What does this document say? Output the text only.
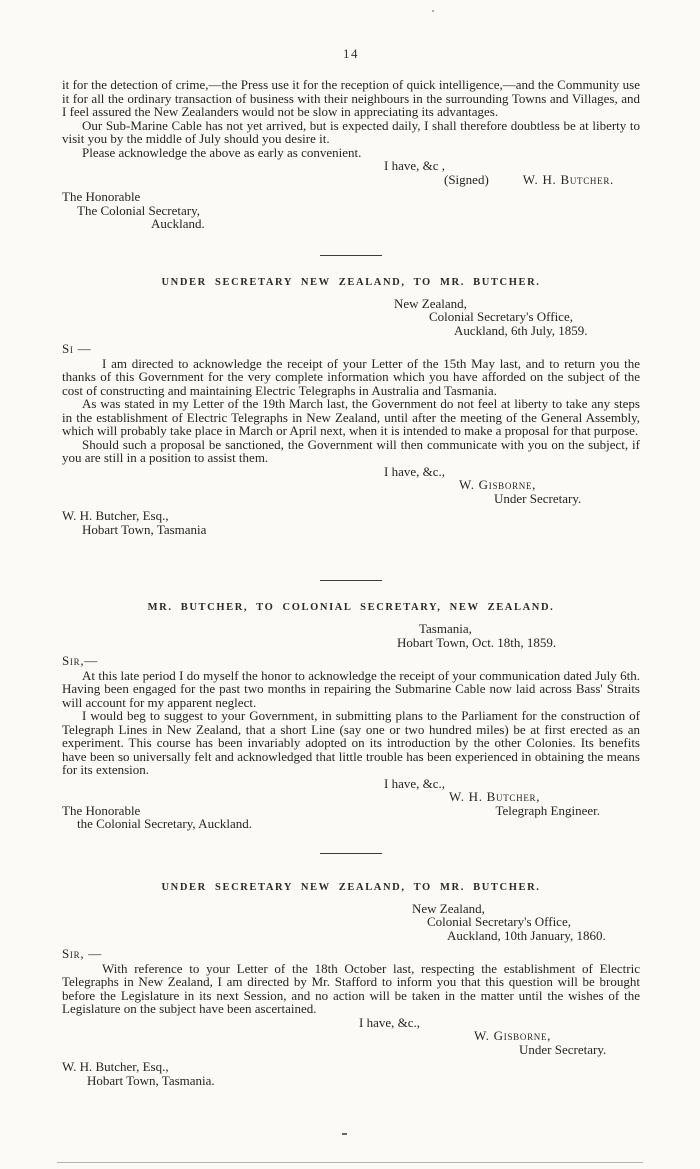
14

it for the detection of crime,—the Press use it for the reception of quick intelligence,—and the Community use it for all the ordinary transaction of business with their neighbours in the surrounding Towns and Villages, and I feel assured the New Zealanders would not be slow in appreciating its advantages.

Our Sub-Marine Cable has not yet arrived, but is expected daily, I shall therefore doubtless be at liberty to visit you by the middle of July should you desire it.

Please acknowledge the above as early as convenient.

I have, &c ,
(Signed)	W. H. Butcher.
The Honorable
The Colonial Secretary,
Auckland.
UNDER SECRETARY NEW ZEALAND, TO MR. BUTCHER.
New Zealand,
Colonial Secretary's Office,
Auckland, 6th July, 1859.
Si —

I am directed to acknowledge the receipt of your Letter of the 15th May last, and to return you the thanks of this Government for the very complete information which you have afforded on the subject of the cost of constructing and maintaining Electric Telegraphs in Australia and Tasmania.

As was stated in my Letter of the 19th March last, the Government do not feel at liberty to take any steps in the establishment of Electric Telegraphs in New Zealand, until after the meeting of the General Assembly, which will probably take place in March or April next, when it is intended to make a proposal for that purpose.

Should such a proposal be sanctioned, the Government will then communicate with you on the subject, if you are still in a position to assist them.

I have, &c.,
W. Gisborne,
Under Secretary.
W. H. Butcher, Esq.,
Hobart Town, Tasmania
MR. BUTCHER, TO COLONIAL SECRETARY, NEW ZEALAND.
Tasmania,
Hobart Town, Oct. 18th, 1859.
Sir,—

At this late period I do myself the honor to acknowledge the receipt of your communication dated July 6th. Having been engaged for the past two months in repairing the Submarine Cable now laid across Bass' Straits will account for my apparent neglect.

I would beg to suggest to your Government, in submitting plans to the Parliament for the construction of Telegraph Lines in New Zealand, that a short Line (say one or two hundred miles) be at first erected as an experiment. This course has been invariably adopted on its introduction by the other Colonies. Its benefits have been so universally felt and acknowledged that little trouble has been experienced in obtaining the means for its extension.

I have, &c.,
W. H. Butcher,
The Honorable	Telegraph Engineer.
the Colonial Secretary, Auckland.
UNDER SECRETARY NEW ZEALAND, TO MR. BUTCHER.
New Zealand,
Colonial Secretary's Office,
Auckland, 10th January, 1860.
Sir, —

With reference to your Letter of the 18th October last, respecting the establishment of Electric Telegraphs in New Zealand, I am directed by Mr. Stafford to inform you that this question will be brought before the Legislature in its next Session, and no action will be taken in the matter until the wishes of the Legislature on the subject have been ascertained.

I have, &c.,
W. Gisborne,
Under Secretary.
W. H. Butcher, Esq.,
Hobart Town, Tasmania.
